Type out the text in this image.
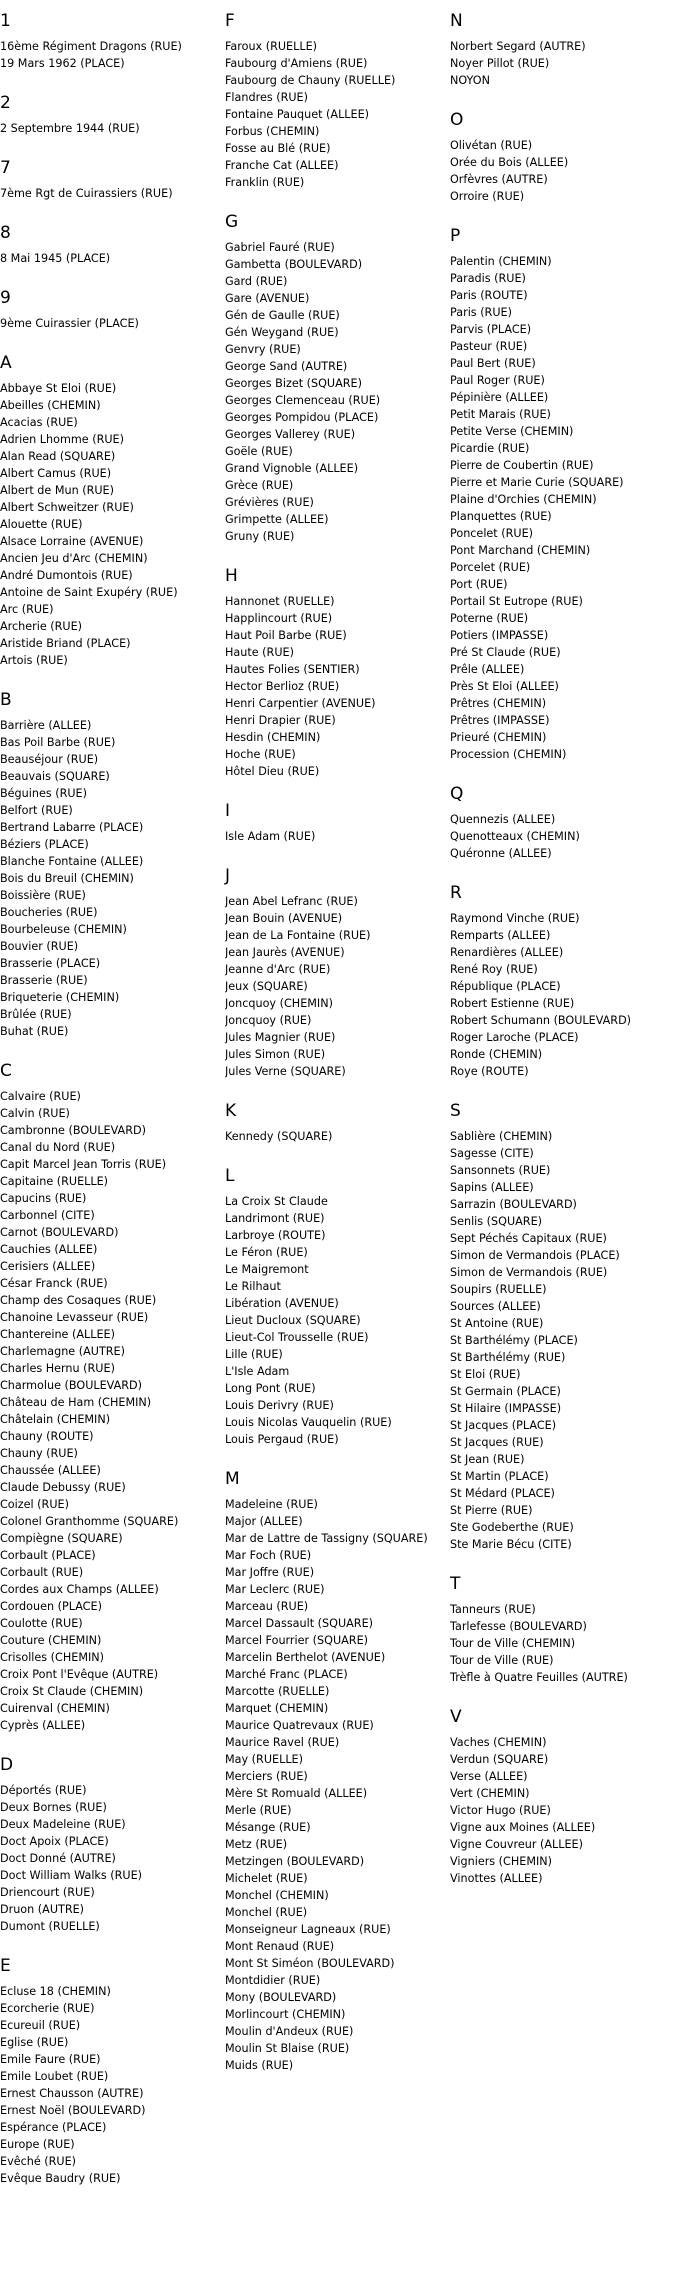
1
16ème Régiment Dragons (RUE)
19 Mars 1962 (PLACE)
2
2 Septembre 1944 (RUE)
7
7ème Rgt de Cuirassiers (RUE)
8
8 Mai 1945 (PLACE)
9
9ème Cuirassier (PLACE)
A
Abbaye St Eloi (RUE)
Abeilles (CHEMIN)
Acacias (RUE)
Adrien Lhomme (RUE)
Alan Read (SQUARE)
Albert Camus (RUE)
Albert de Mun (RUE)
Albert Schweitzer (RUE)
Alouette (RUE)
Alsace Lorraine (AVENUE)
Ancien Jeu d'Arc (CHEMIN)
André Dumontois (RUE)
Antoine de Saint Exupéry (RUE)
Arc (RUE)
Archerie (RUE)
Aristide Briand (PLACE)
Artois (RUE)
B
Barrière (ALLEE)
Bas Poil Barbe (RUE)
Beauséjour (RUE)
Beauvais (SQUARE)
Béguines (RUE)
Belfort (RUE)
Bertrand Labarre (PLACE)
Béziers (PLACE)
Blanche Fontaine (ALLEE)
Bois du Breuil (CHEMIN)
Boissière (RUE)
Boucheries (RUE)
Bourbeleuse (CHEMIN)
Bouvier (RUE)
Brasserie (PLACE)
Brasserie (RUE)
Briqueterie (CHEMIN)
Brûlée (RUE)
Buhat (RUE)
C
Calvaire (RUE)
Calvin (RUE)
Cambronne (BOULEVARD)
Canal du Nord (RUE)
Capit Marcel Jean Torris (RUE)
Capitaine (RUELLE)
Capucins (RUE)
Carbonnel (CITE)
Carnot (BOULEVARD)
Cauchies (ALLEE)
Cerisiers (ALLEE)
César Franck (RUE)
Champ des Cosaques (RUE)
Chanoine Levasseur (RUE)
Chantereine (ALLEE)
Charlemagne (AUTRE)
Charles Hernu (RUE)
Charmolue (BOULEVARD)
Château de Ham (CHEMIN)
Châtelain (CHEMIN)
Chauny (ROUTE)
Chauny (RUE)
Chaussée (ALLEE)
Claude Debussy (RUE)
Coizel (RUE)
Colonel Granthomme (SQUARE)
Compiègne (SQUARE)
Corbault (PLACE)
Corbault (RUE)
Cordes aux Champs (ALLEE)
Cordouen (PLACE)
Coulotte (RUE)
Couture (CHEMIN)
Crisolles (CHEMIN)
Croix Pont l'Evêque (AUTRE)
Croix St Claude (CHEMIN)
Cuirenval (CHEMIN)
Cyprès (ALLEE)
D
Déportés (RUE)
Deux Bornes (RUE)
Deux Madeleine (RUE)
Doct Apoix (PLACE)
Doct Donné (AUTRE)
Doct William Walks (RUE)
Driencourt (RUE)
Druon (AUTRE)
Dumont (RUELLE)
E
Ecluse 18 (CHEMIN)
Ecorcherie (RUE)
Ecureuil (RUE)
Eglise (RUE)
Emile Faure (RUE)
Emile Loubet (RUE)
Ernest Chausson (AUTRE)
Ernest Noël (BOULEVARD)
Espérance (PLACE)
Europe (RUE)
Evêché (RUE)
Evêque Baudry (RUE)
F
Faroux (RUELLE)
Faubourg d'Amiens (RUE)
Faubourg de Chauny (RUELLE)
Flandres (RUE)
Fontaine Pauquet (ALLEE)
Forbus (CHEMIN)
Fosse au Blé (RUE)
Franche Cat (ALLEE)
Franklin (RUE)
G
Gabriel Fauré (RUE)
Gambetta (BOULEVARD)
Gard (RUE)
Gare (AVENUE)
Gén de Gaulle (RUE)
Gén Weygand (RUE)
Genvry (RUE)
George Sand (AUTRE)
Georges Bizet (SQUARE)
Georges Clemenceau (RUE)
Georges Pompidou (PLACE)
Georges Vallerey (RUE)
Goële (RUE)
Grand Vignoble (ALLEE)
Grèce (RUE)
Grévières (RUE)
Grimpette (ALLEE)
Gruny (RUE)
H
Hannonet (RUELLE)
Happlincourt (RUE)
Haut Poil Barbe (RUE)
Haute (RUE)
Hautes Folies (SENTIER)
Hector Berlioz (RUE)
Henri Carpentier (AVENUE)
Henri Drapier (RUE)
Hesdin (CHEMIN)
Hoche (RUE)
Hôtel Dieu (RUE)
I
Isle Adam (RUE)
J
Jean Abel Lefranc (RUE)
Jean Bouin (AVENUE)
Jean de La Fontaine (RUE)
Jean Jaurès (AVENUE)
Jeanne d'Arc (RUE)
Jeux (SQUARE)
Joncquoy (CHEMIN)
Joncquoy (RUE)
Jules Magnier (RUE)
Jules Simon (RUE)
Jules Verne (SQUARE)
K
Kennedy (SQUARE)
L
La Croix St Claude
Landrimont (RUE)
Larbroye (ROUTE)
Le Féron (RUE)
Le Maigremont
Le Rilhaut
Libération (AVENUE)
Lieut Ducloux (SQUARE)
Lieut-Col Trousselle (RUE)
Lille (RUE)
L'Isle Adam
Long Pont (RUE)
Louis Derivry (RUE)
Louis Nicolas Vauquelin (RUE)
Louis Pergaud (RUE)
M
Madeleine (RUE)
Major (ALLEE)
Mar de Lattre de Tassigny (SQUARE)
Mar Foch (RUE)
Mar Joffre (RUE)
Mar Leclerc (RUE)
Marceau (RUE)
Marcel Dassault (SQUARE)
Marcel Fourrier (SQUARE)
Marcelin Berthelot (AVENUE)
Marché Franc (PLACE)
Marcotte (RUELLE)
Marquet (CHEMIN)
Maurice Quatrevaux (RUE)
Maurice Ravel (RUE)
May (RUELLE)
Merciers (RUE)
Mère St Romuald (ALLEE)
Merle (RUE)
Mésange (RUE)
Metz (RUE)
Metzingen (BOULEVARD)
Michelet (RUE)
Monchel (CHEMIN)
Monchel (RUE)
Monseigneur Lagneaux (RUE)
Mont Renaud (RUE)
Mont St Siméon (BOULEVARD)
Montdidier (RUE)
Mony (BOULEVARD)
Morlincourt (CHEMIN)
Moulin d'Andeux (RUE)
Moulin St Blaise (RUE)
Muids (RUE)
N
Norbert Segard (AUTRE)
Noyer Pillot (RUE)
NOYON
O
Olivétan (RUE)
Orée du Bois (ALLEE)
Orfèvres (AUTRE)
Orroire (RUE)
P
Palentin (CHEMIN)
Paradis (RUE)
Paris (ROUTE)
Paris (RUE)
Parvis (PLACE)
Pasteur (RUE)
Paul Bert (RUE)
Paul Roger (RUE)
Pépinière (ALLEE)
Petit Marais (RUE)
Petite Verse (CHEMIN)
Picardie (RUE)
Pierre de Coubertin (RUE)
Pierre et Marie Curie (SQUARE)
Plaine d'Orchies (CHEMIN)
Planquettes (RUE)
Poncelet (RUE)
Pont Marchand (CHEMIN)
Porcelet (RUE)
Port (RUE)
Portail St Eutrope (RUE)
Poterne (RUE)
Potiers (IMPASSE)
Pré St Claude (RUE)
Prêle (ALLEE)
Près St Eloi (ALLEE)
Prêtres (CHEMIN)
Prêtres (IMPASSE)
Prieuré (CHEMIN)
Procession (CHEMIN)
Q
Quennezis (ALLEE)
Quenotteaux (CHEMIN)
Quéronne (ALLEE)
R
Raymond Vinche (RUE)
Remparts (ALLEE)
Renardières (ALLEE)
René Roy (RUE)
République (PLACE)
Robert Estienne (RUE)
Robert Schumann (BOULEVARD)
Roger Laroche (PLACE)
Ronde (CHEMIN)
Roye (ROUTE)
S
Sablière (CHEMIN)
Sagesse (CITE)
Sansonnets (RUE)
Sapins (ALLEE)
Sarrazin (BOULEVARD)
Senlis (SQUARE)
Sept Péchés Capitaux (RUE)
Simon de Vermandois (PLACE)
Simon de Vermandois (RUE)
Soupirs (RUELLE)
Sources (ALLEE)
St Antoine (RUE)
St Barthélémy (PLACE)
St Barthélémy (RUE)
St Eloi (RUE)
St Germain (PLACE)
St Hilaire (IMPASSE)
St Jacques (PLACE)
St Jacques (RUE)
St Jean (RUE)
St Martin (PLACE)
St Médard (PLACE)
St Pierre (RUE)
Ste Godeberthe (RUE)
Ste Marie Bécu (CITE)
T
Tanneurs (RUE)
Tarlefesse (BOULEVARD)
Tour de Ville (CHEMIN)
Tour de Ville (RUE)
Trèfle à Quatre Feuilles (AUTRE)
V
Vaches (CHEMIN)
Verdun (SQUARE)
Verse (ALLEE)
Vert (CHEMIN)
Victor Hugo (RUE)
Vigne aux Moines (ALLEE)
Vigne Couvreur (ALLEE)
Vigniers (CHEMIN)
Vinottes (ALLEE)
